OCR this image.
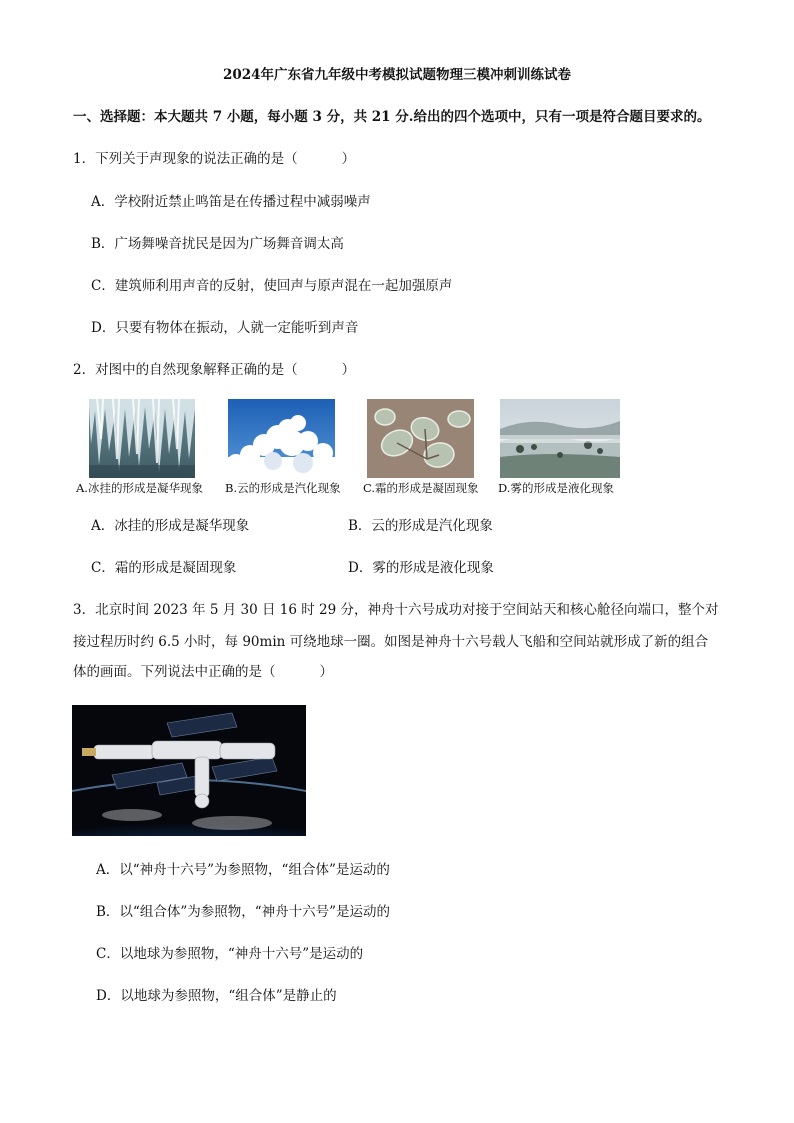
2024年广东省九年级中考模拟试题物理三模冲刺训练试卷
一、选择题：本大题共 7 小题，每小题 3 分，共 21 分.给出的四个选项中，只有一项是符合题目要求的。
1．下列关于声现象的说法正确的是（	）
A．学校附近禁止鸣笛是在传播过程中减弱噪声
B．广场舞噪音扰民是因为广场舞音调太高
C．建筑师利用声音的反射，使回声与原声混在一起加强原声
D．只要有物体在振动，人就一定能听到声音
2．对图中的自然现象解释正确的是（	）
A.冰挂的形成是凝华现象 B.云的形成是汽化现象 C.霜的形成是凝固现象 D.雾的形成是液化现象
A．冰挂的形成是凝华现象	B．云的形成是汽化现象
C．霜的形成是凝固现象	D．雾的形成是液化现象
3．北京时间 2023 年 5 月 30 日 16 时 29 分，神舟十六号成功对接于空间站天和核心舱径向端口，整个对
接过程历时约 6.5 小时，每 90min 可绕地球一圈。如图是神舟十六号载人飞船和空间站就形成了新的组合
体的画面。下列说法中正确的是（	）
A．以“神舟十六号”为参照物，“组合体”是运动的
B．以“组合体”为参照物，“神舟十六号”是运动的
C．以地球为参照物，“神舟十六号”是运动的
D．以地球为参照物，“组合体”是静止的
